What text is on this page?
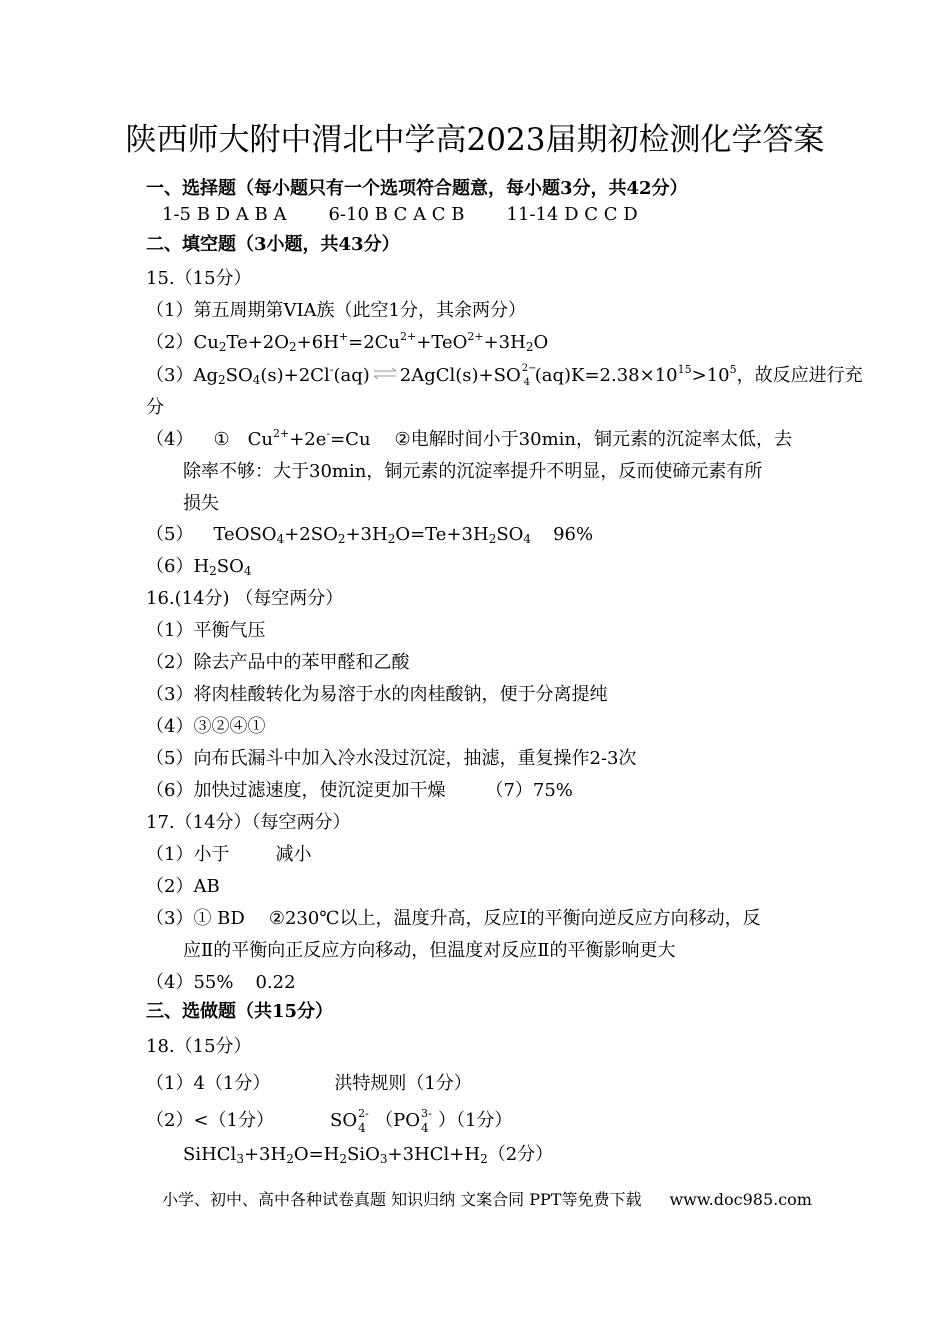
陕西师大附中渭北中学高2023届期初检测化学答案
一、选择题（每小题只有一个选项符合题意，每小题3分，共42分）
1-5 B D A B A 6-10 B C A C B 11-14 D C C D
二、填空题（3小题，共43分）
15.（15分）
（1）第五周期第VIA族（此空1分，其余两分）
$(2)Cu_2Te+2O_2+6H^+=2Cu^{2+}+TeO^{2+}+3H_2O$
$(3)Ag_2SO_4(s)+2Cl^-(aq)\rightleftharpoons 2AgCl(s)+SO$ 2−
4 $(aq)K=2.38\times 10^{15}>10^5$，故反应进行充
分
（4） ① $Cu^{2+}+2e^-=Cu$ ②电解时间小于30min，铜元素的沉淀率太低，去
除率不够：大于30min，铜元素的沉淀率提升不明显，反而使碲元素有所
损失
（5） $TeOSO_4+2SO_2+3H_2O=Te+3H_2SO_4$ 96%
$(6)H_2SO_4$
16.(14分) （每空两分）
（1）平衡气压
（2）除去产品中的苯甲醛和乙酸
（3）将肉桂酸转化为易溶于水的肉桂酸钠，便于分离提纯
（4）③②④①
（5）向布氏漏斗中加入冷水没过沉淀，抽滤，重复操作2-3次
（6）加快过滤速度，使沉淀更加干燥 （7）75%
17.（14分）（每空两分）
（1）小于	减小
（2）AB
（3）① BD ②230℃以上，温度升高，反应Ⅰ的平衡向逆反应方向移动，反
应Ⅱ的平衡向正反应方向移动，但温度对反应Ⅱ的平衡影响更大
（4）55% 0.22
三、选做题（共15分）
18.（15分）
（1）4（1分）	洪特规则（1分）
（2）<（1分）	SO 2-
4 （PO 3-
4 ）（1分）
$SiHCl_3+3H_2O=H_2SiO_3+3HCl+H_2(2$分）
小学、初中、高中各种试卷真题 知识归纳 文案合同 PPT等免费下载 www.doc985.com
